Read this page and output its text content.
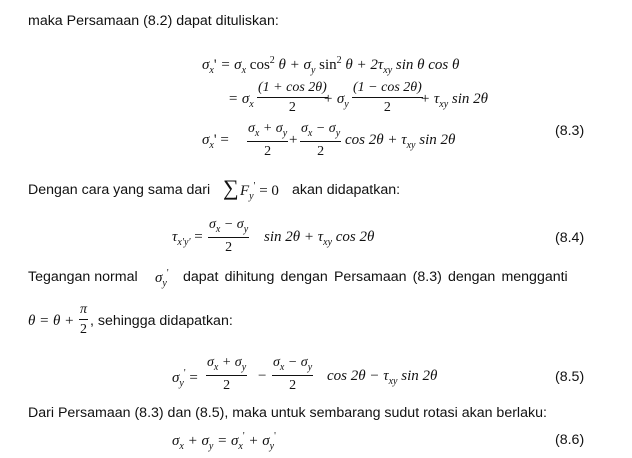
maka Persamaan (8.2) dapat dituliskan:
$\sigma_x' = \sigma_x$ $\cos^2 \theta + \sigma_y$ $\sin^2 \theta + 2\tau_{xy}$ sin θ cos θ
= $\sigma_x$
(1 + cos 2θ)
2
+ $\sigma_y$
(1 − cos 2θ)
2
+ $\tau_{xy}$ sin 2θ
$\sigma_x'$ =
$\sigma_x + \sigma_y$
2
+
$\sigma_x - \sigma_y$
2
$\cos 2\theta + \tau_{xy}$ sin 2θ
(8.3)
Dengan cara yang sama dari ∑ $F_y' = 0$ akan didapatkan:
$\tau_{x'y'}$ =
$\sigma_x - \sigma_y$
2
$\sin 2\theta + \tau_{xy}$ cos 2θ	(8.4)
Tegangan normal $\sigma_y'$ dapat dihitung dengan Persamaan (8.3) dengan mengganti
θ = θ +
π
2
, sehingga didapatkan:
$\sigma_y'$ =
$\sigma_x + \sigma_y$
2
−
$\sigma_x - \sigma_y$
2
$\cos 2\theta - \tau_{xy}$ sin 2θ	(8.5)
Dari Persamaan (8.3) dan (8.5), maka untuk sembarang sudut rotasi akan berlaku:
$\sigma_x + \sigma_y = \sigma_x' + \sigma_y'$	(8.6)
